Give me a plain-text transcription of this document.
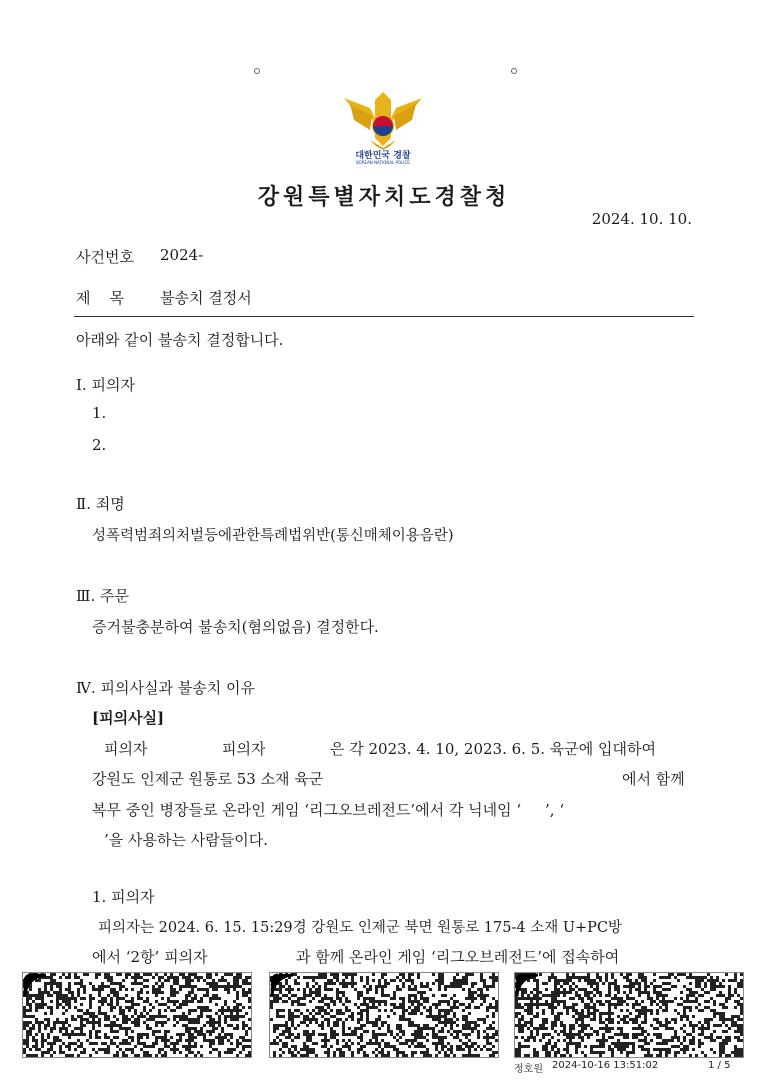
대한민국 경찰
KOREAN NATIONAL POLICE
강원특별자치도경찰청
2024. 10. 10.
사건번호 2024-
제    목 불송치 결정서
아래와 같이 불송치 결정합니다.
Ⅰ. 피의자
1.
2.
Ⅱ. 죄명
성폭력범죄의처벌등에관한특례법위반(통신매체이용음란)
Ⅲ. 주문
증거불충분하여 불송치(혐의없음) 결정한다.
Ⅳ. 피의사실과 불송치 이유
[피의사실]
피의자	피의자	은 각 2023. 4. 10, 2023. 6. 5. 육군에 입대하여
강원도 인제군 원통로 53 소재 육군	에서 함께
복무 중인 병장들로 온라인 게임 ‘리그오브레전드’에서 각 닉네임 ‘     ’, ‘
’을 사용하는 사람들이다.
1. 피의자
피의자는 2024. 6. 15. 15:29경 강원도 인제군 북면 원통로 175-4 소재 U+PC방
에서 ‘2항’ 피의자	과 함께 온라인 게임 ‘리그오브레전드’에 접속하여
정호원 2024-10-16 13:51:02	1 / 5
